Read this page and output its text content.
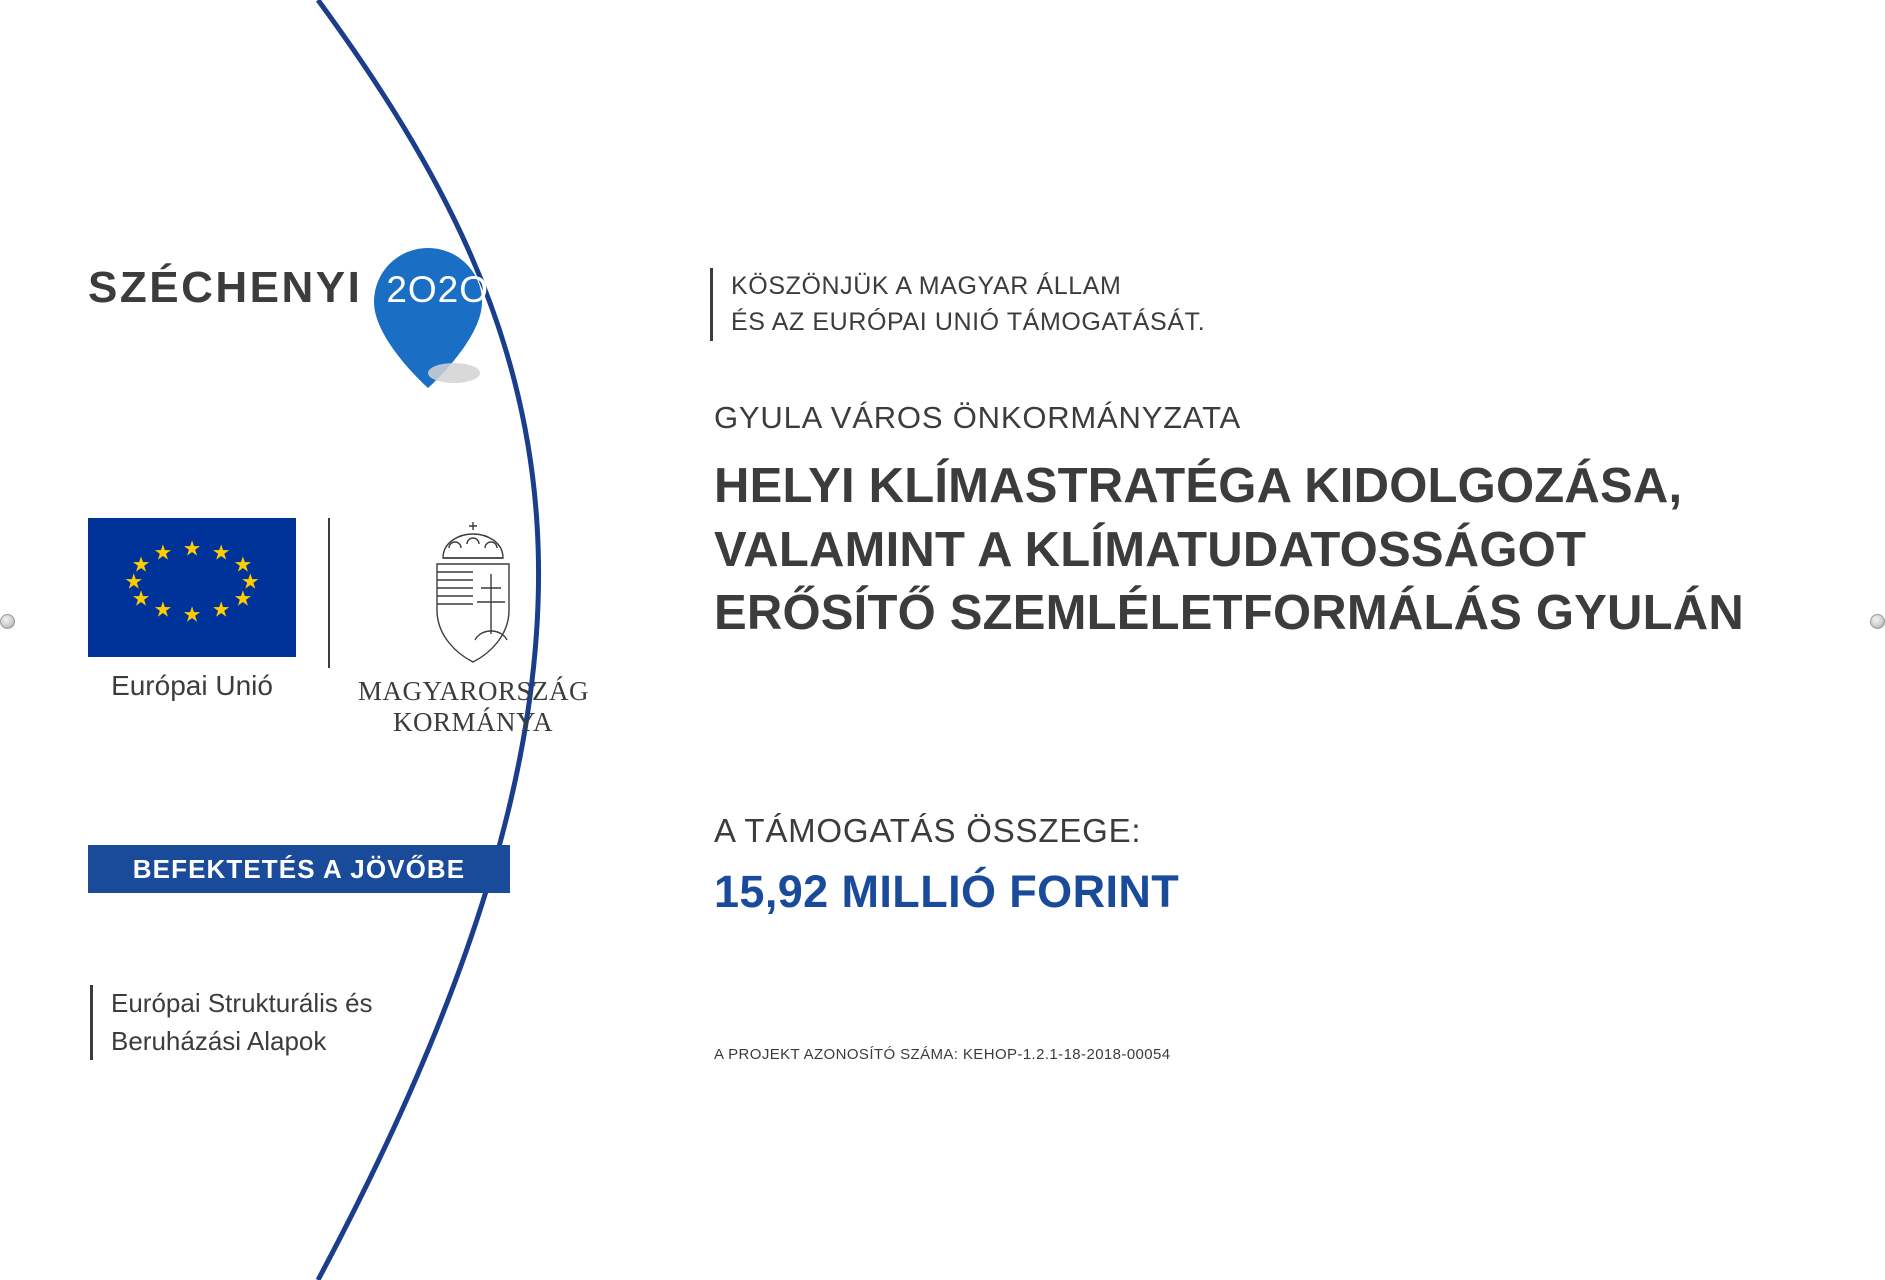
SZÉCHENYI 2O2O
★ ★
★
★
★
★
★
★
★
★
★
★
Európai Unió	MAGYARORSZÁG
KORMÁNYA
BEFEKTETÉS A JÖVŐBE
Európai Strukturális és
Beruházási Alapok
KÖSZÖNJÜK A MAGYAR ÁLLAM
ÉS AZ EURÓPAI UNIÓ TÁMOGATÁSÁT.
GYULA VÁROS ÖNKORMÁNYZATA
HELYI KLÍMASTRATÉGA KIDOLGOZÁSA, VALAMINT A KLÍMATUDATOSSÁGOT ERŐSÍTŐ SZEMLÉLETFORMÁLÁS GYULÁN
A TÁMOGATÁS ÖSSZEGE:
15,92 MILLIÓ FORINT
A PROJEKT AZONOSÍTÓ SZÁMA: KEHOP-1.2.1-18-2018-00054
